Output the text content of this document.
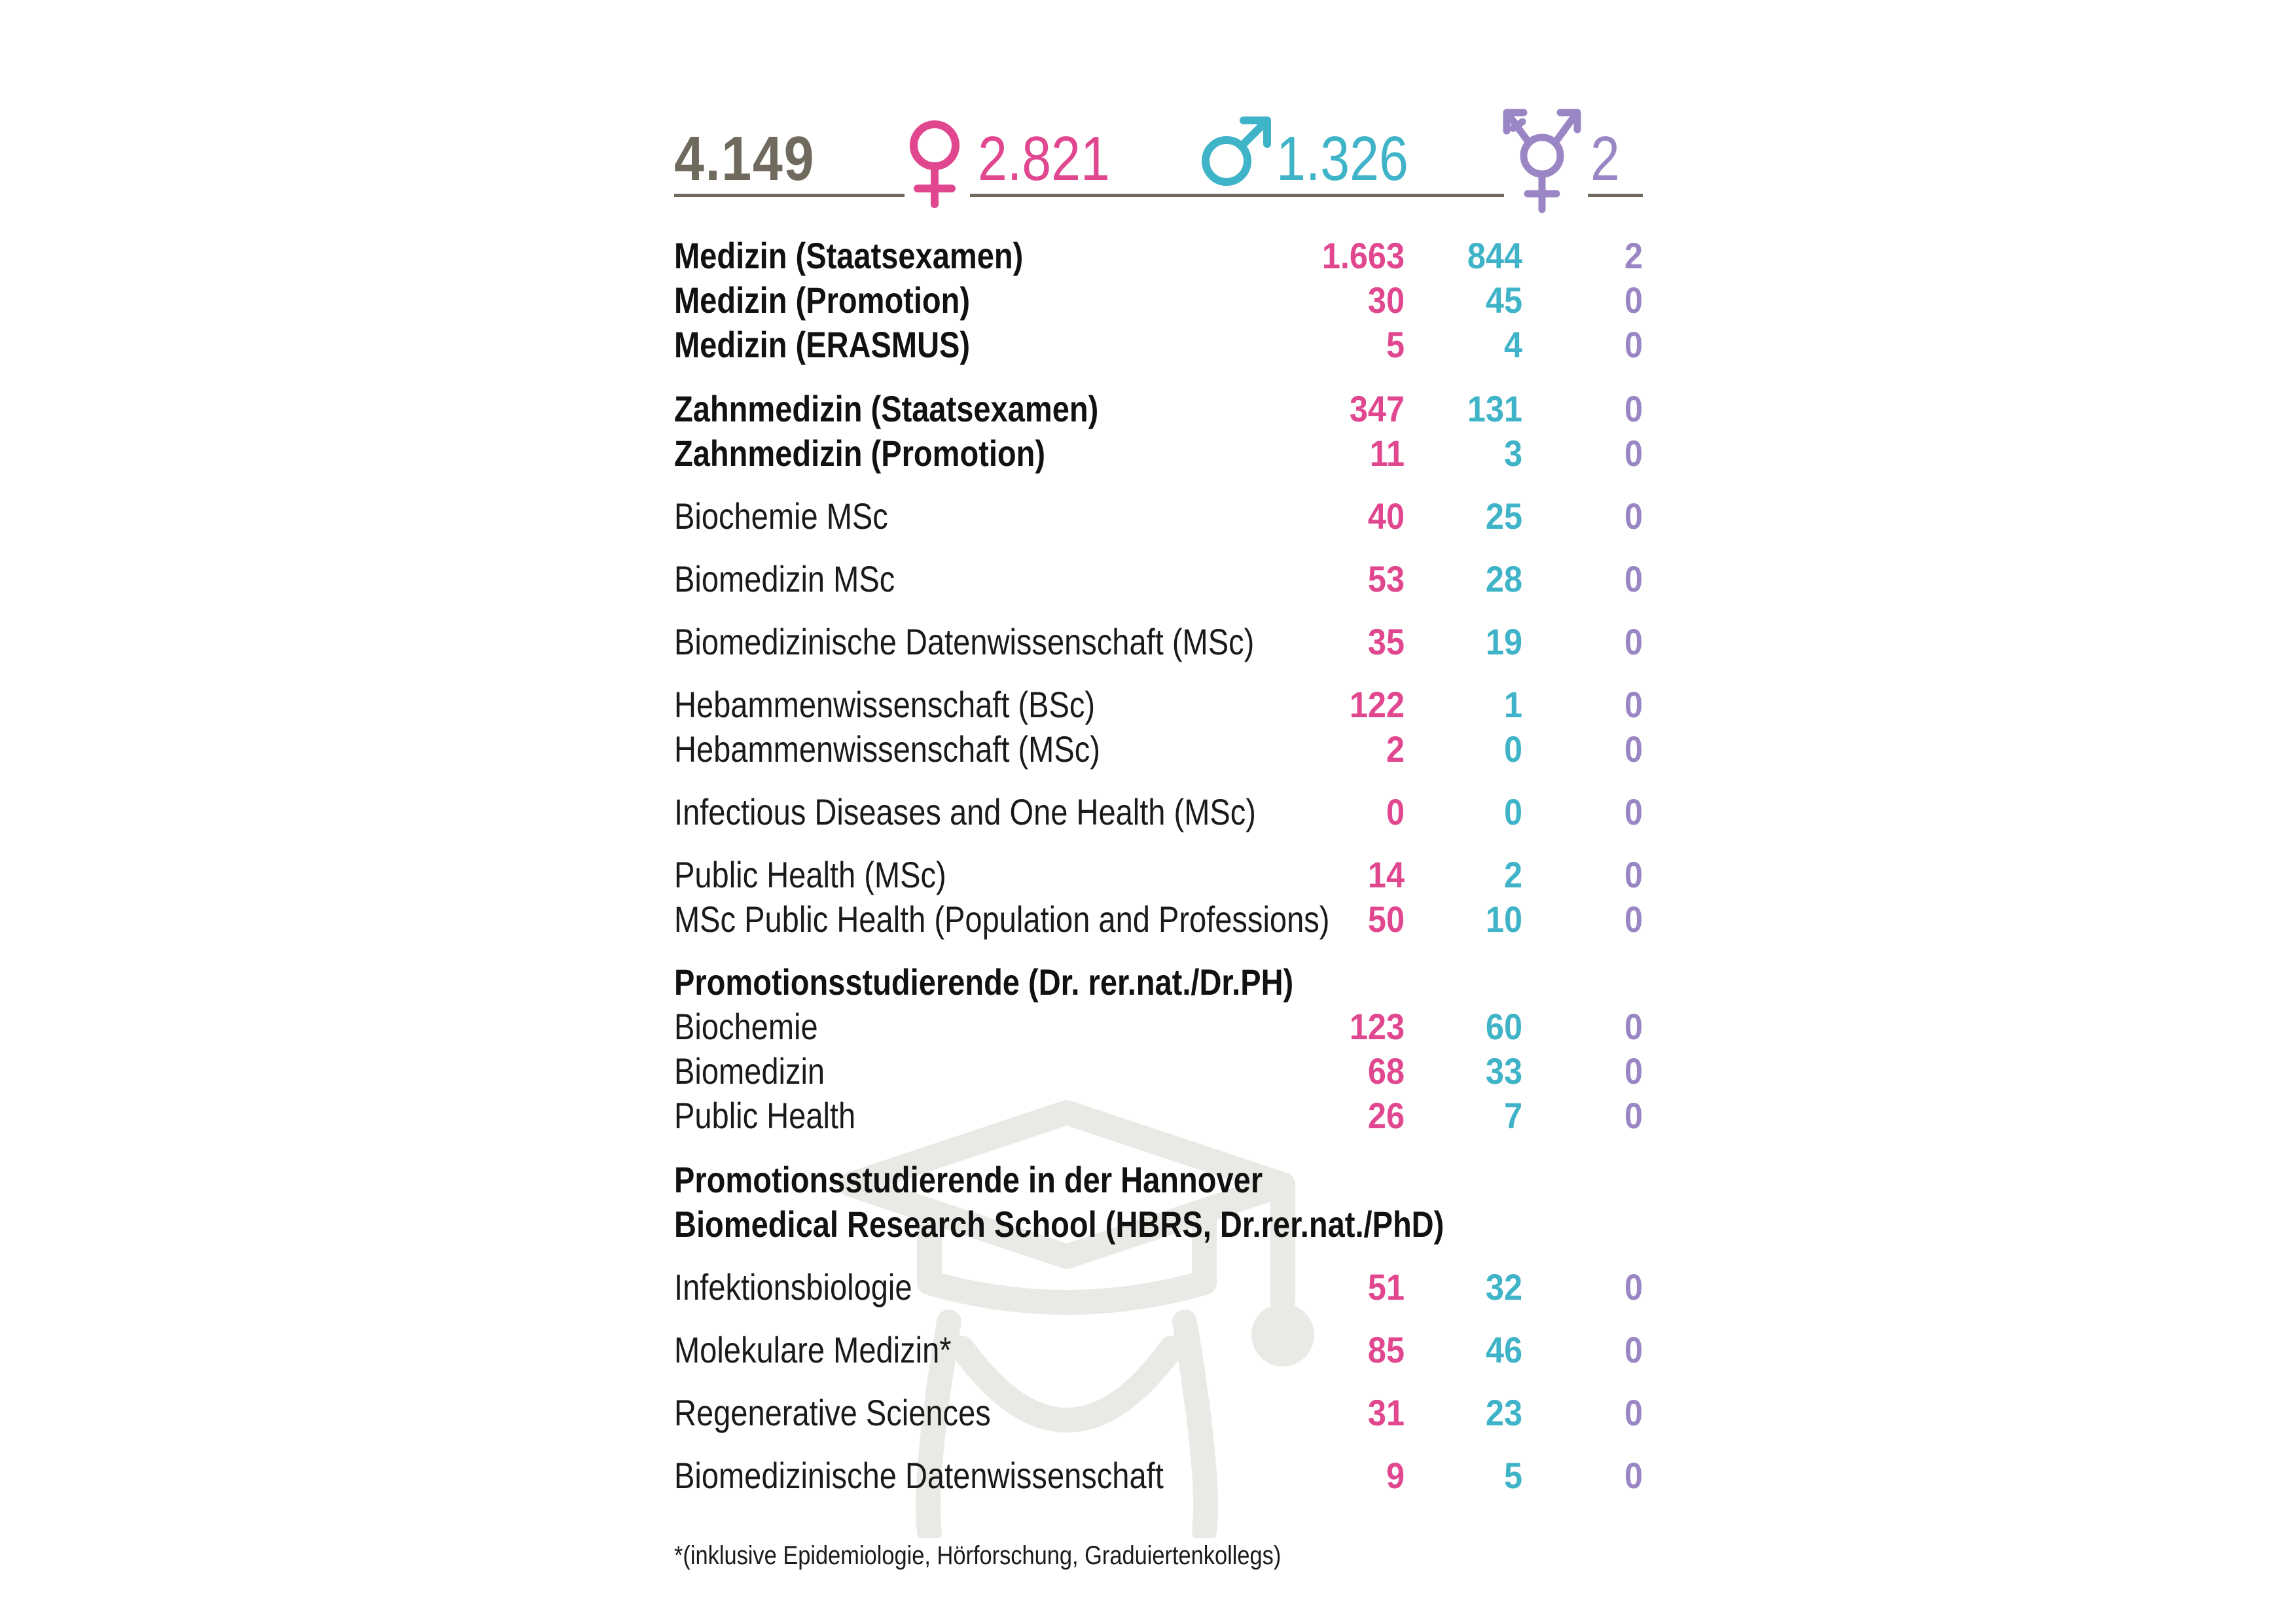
4.149	2.821	1.326	2
Medizin (Staatsexamen)	1.663	844	2
Medizin (Promotion)	30	45	0
Medizin (ERASMUS)	5	4	0
Zahnmedizin (Staatsexamen)	347	131	0
Zahnmedizin (Promotion)	11	3	0
Biochemie MSc	40	25	0
Biomedizin MSc	53	28	0
Biomedizinische Datenwissenschaft (MSc)	35	19	0
Hebammenwissenschaft (BSc)	122	1	0
Hebammenwissenschaft (MSc)	2	0	0
Infectious Diseases and One Health (MSc)	0	0	0
Public Health (MSc)	14	2	0
MSc Public Health (Population and Professions)	50	10	0
Promotionsstudierende (Dr. rer.nat./Dr.PH)
Biochemie	123	60	0
Biomedizin	68	33	0
Public Health	26	7	0
Promotionsstudierende in der Hannover
Biomedical Research School (HBRS, Dr.rer.nat./PhD)
Infektionsbiologie	51	32	0
Molekulare Medizin*	85	46	0
Regenerative Sciences	31	23	0
Biomedizinische Datenwissenschaft	9	5	0
*(inklusive Epidemiologie, Hörforschung, Graduiertenkollegs)
